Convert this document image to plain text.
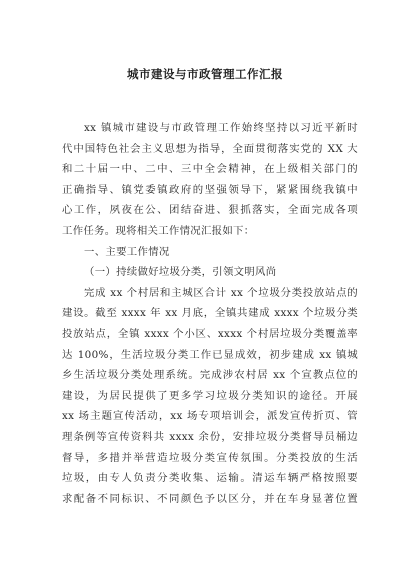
城市建设与市政管理工作汇报
xx 镇城市建设与市政管理工作始终坚持以习近平新时
代中国特色社会主义思想为指导，全面贯彻落实党的 XX 大
和二十届一中、二中、三中全会精神，在上级相关部门的
正确指导、镇党委镇政府的坚强领导下，紧紧围绕我镇中
心工作，夙夜在公、团结奋进、狠抓落实，全面完成各项
工作任务。现将相关工作情况汇报如下：
一、主要工作情况
（一）持续做好垃圾分类，引领文明风尚
完成 xx 个村居和主城区合计 xx 个垃圾分类投放站点的
建设。截至 xxxx 年 xx 月底，全镇共建成 xxxx 个垃圾分类
投放站点，全镇 xxxx 个小区、xxxx 个村居垃圾分类覆盖率
达 100%，生活垃圾分类工作已显成效，初步建成 xx 镇城
乡生活垃圾分类处理系统。完成涉农村居 xx 个宣教点位的
建设，为居民提供了更多学习垃圾分类知识的途径。开展
xx 场主题宣传活动，xx 场专项培训会，派发宣传折页、管
理条例等宣传资料共 xxxx 余份，安排垃圾分类督导员桶边
督导，多措并举营造垃圾分类宣传氛围。分类投放的生活
垃圾，由专人负责分类收集、运输。清运车辆严格按照要
求配备不同标识、不同颜色予以区分，并在车身显著位置
